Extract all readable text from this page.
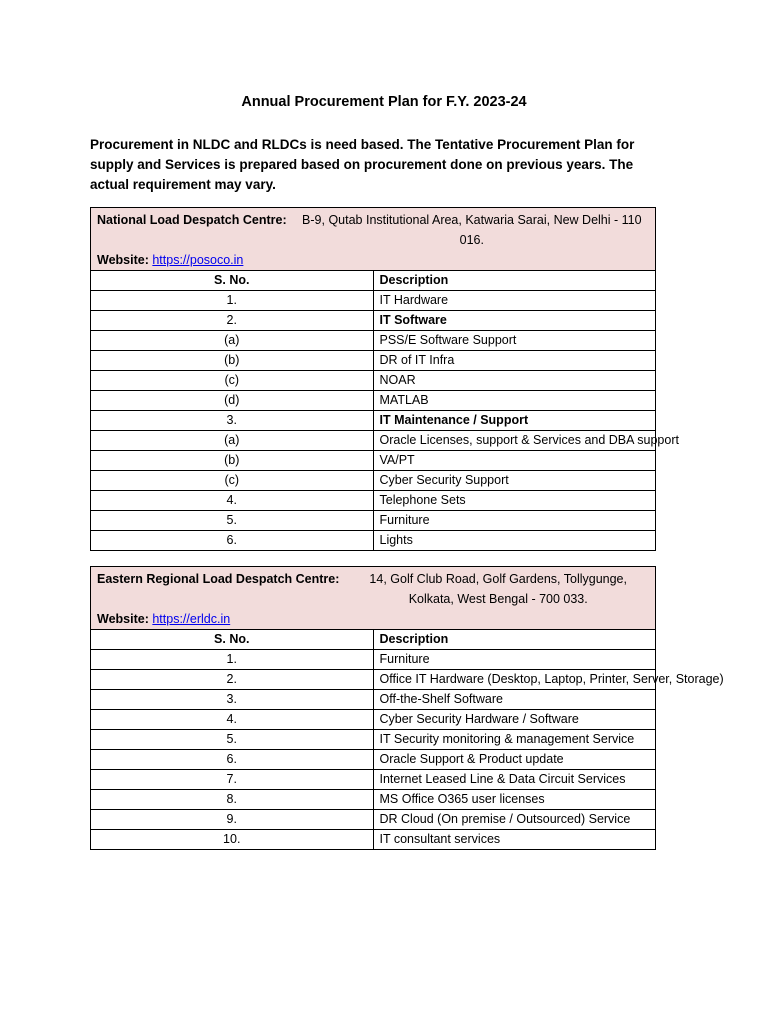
Annual Procurement Plan for F.Y. 2023-24
Procurement in NLDC and RLDCs is need based. The Tentative Procurement Plan for supply and Services is prepared based on procurement done on previous years. The actual requirement may vary.
National Load Despatch Centre: B-9, Qutab Institutional Area, Katwaria Sarai, New Delhi - 110 016.
Website: https://posoco.in	

S. No.	Description
1.	IT Hardware
2.	IT Software
(a)	PSS/E Software Support
(b)	DR of IT Infra
(c)	NOAR
(d)	MATLAB
3.	IT Maintenance / Support
(a)	Oracle Licenses, support & Services and DBA support
(b)	VA/PT
(c)	Cyber Security Support
4.	Telephone Sets
5.	Furniture
6.	Lights
Eastern Regional Load Despatch Centre: 14, Golf Club Road, Golf Gardens, Tollygunge, Kolkata, West Bengal - 700 033.
Website: https://erldc.in	

S. No.	Description
1.	Furniture
2.	Office IT Hardware (Desktop, Laptop, Printer, Server, Storage)
3.	Off-the-Shelf Software
4.	Cyber Security Hardware / Software
5.	IT Security monitoring & management Service
6.	Oracle Support & Product update
7.	Internet Leased Line & Data Circuit Services
8.	MS Office O365 user licenses
9.	DR Cloud (On premise / Outsourced) Service
10.	IT consultant services
